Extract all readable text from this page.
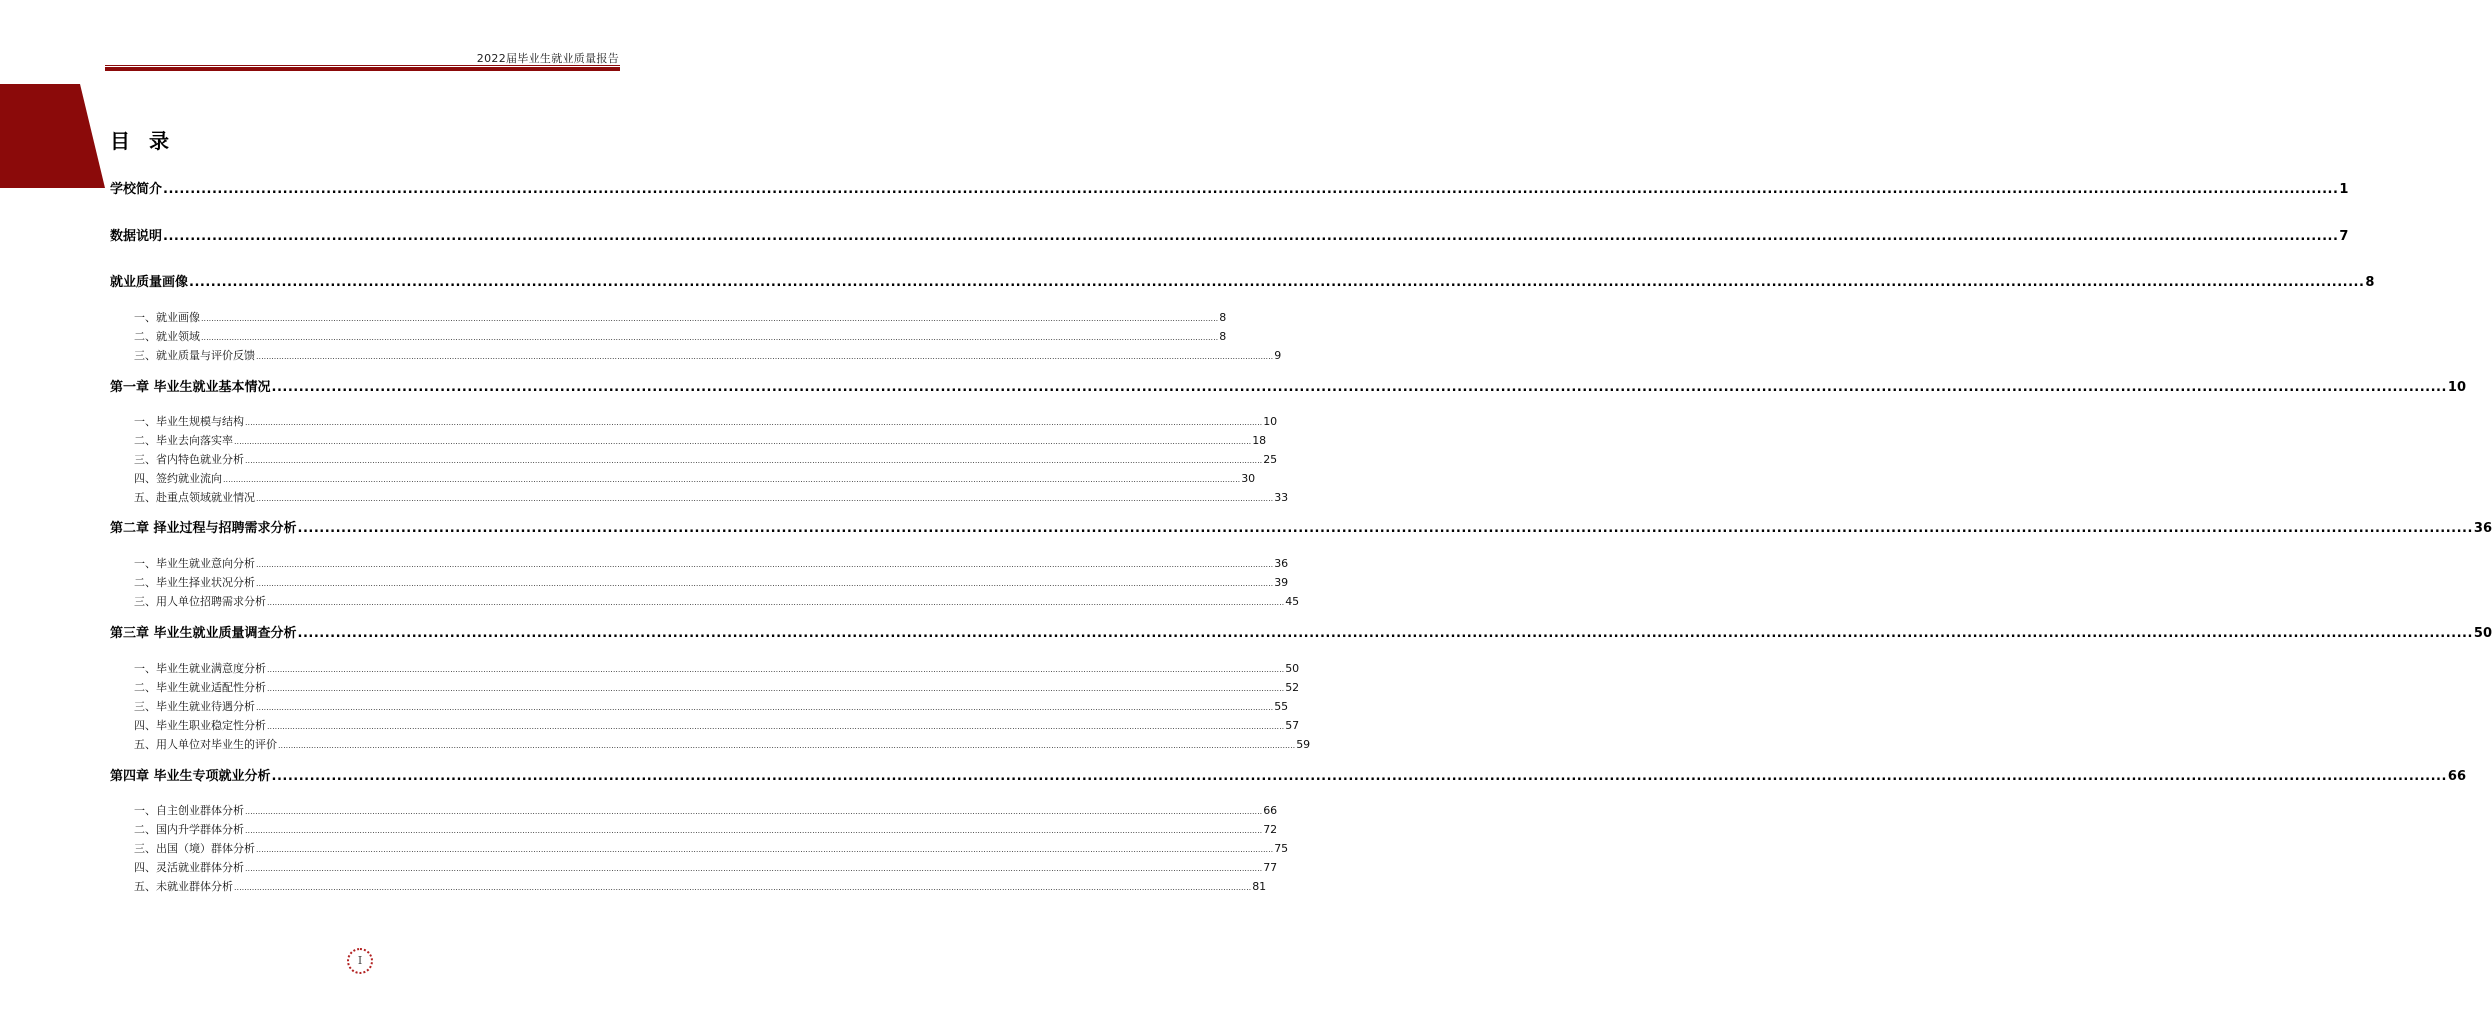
2022届毕业生就业质量报告
目 录
学校简介 ................................................................................................................................................................................................................................................................................................................................................................................................................ 1
数据说明 ................................................................................................................................................................................................................................................................................................................................................................................................................ 7
就业质量画像 ................................................................................................................................................................................................................................................................................................................................................................................................................ 8
一、就业画像 ................................................................................................................................................................................................................................................................................................................................................................................................................ 8
二、就业领域 ................................................................................................................................................................................................................................................................................................................................................................................................................ 8
三、就业质量与评价反馈 ................................................................................................................................................................................................................................................................................................................................................................................................................ 9
第一章 毕业生就业基本情况 ................................................................................................................................................................................................................................................................................................................................................................................................................ 10
一、毕业生规模与结构 ................................................................................................................................................................................................................................................................................................................................................................................................................ 10
二、毕业去向落实率 ................................................................................................................................................................................................................................................................................................................................................................................................................ 18
三、省内特色就业分析 ................................................................................................................................................................................................................................................................................................................................................................................................................ 25
四、签约就业流向 ................................................................................................................................................................................................................................................................................................................................................................................................................ 30
五、赴重点领域就业情况 ................................................................................................................................................................................................................................................................................................................................................................................................................ 33
第二章 择业过程与招聘需求分析 ................................................................................................................................................................................................................................................................................................................................................................................................................ 36
一、毕业生就业意向分析 ................................................................................................................................................................................................................................................................................................................................................................................................................ 36
二、毕业生择业状况分析 ................................................................................................................................................................................................................................................................................................................................................................................................................ 39
三、用人单位招聘需求分析 ................................................................................................................................................................................................................................................................................................................................................................................................................ 45
第三章 毕业生就业质量调查分析 ................................................................................................................................................................................................................................................................................................................................................................................................................ 50
一、毕业生就业满意度分析 ................................................................................................................................................................................................................................................................................................................................................................................................................ 50
二、毕业生就业适配性分析 ................................................................................................................................................................................................................................................................................................................................................................................................................ 52
三、毕业生就业待遇分析 ................................................................................................................................................................................................................................................................................................................................................................................................................ 55
四、毕业生职业稳定性分析 ................................................................................................................................................................................................................................................................................................................................................................................................................ 57
五、用人单位对毕业生的评价 ................................................................................................................................................................................................................................................................................................................................................................................................................ 59
第四章 毕业生专项就业分析 ................................................................................................................................................................................................................................................................................................................................................................................................................ 66
一、自主创业群体分析 ................................................................................................................................................................................................................................................................................................................................................................................................................ 66
二、国内升学群体分析 ................................................................................................................................................................................................................................................................................................................................................................................................................ 72
三、出国（境）群体分析 ................................................................................................................................................................................................................................................................................................................................................................................................................ 75
四、灵活就业群体分析 ................................................................................................................................................................................................................................................................................................................................................................................................................ 77
五、未就业群体分析 ................................................................................................................................................................................................................................................................................................................................................................................................................ 81
I
